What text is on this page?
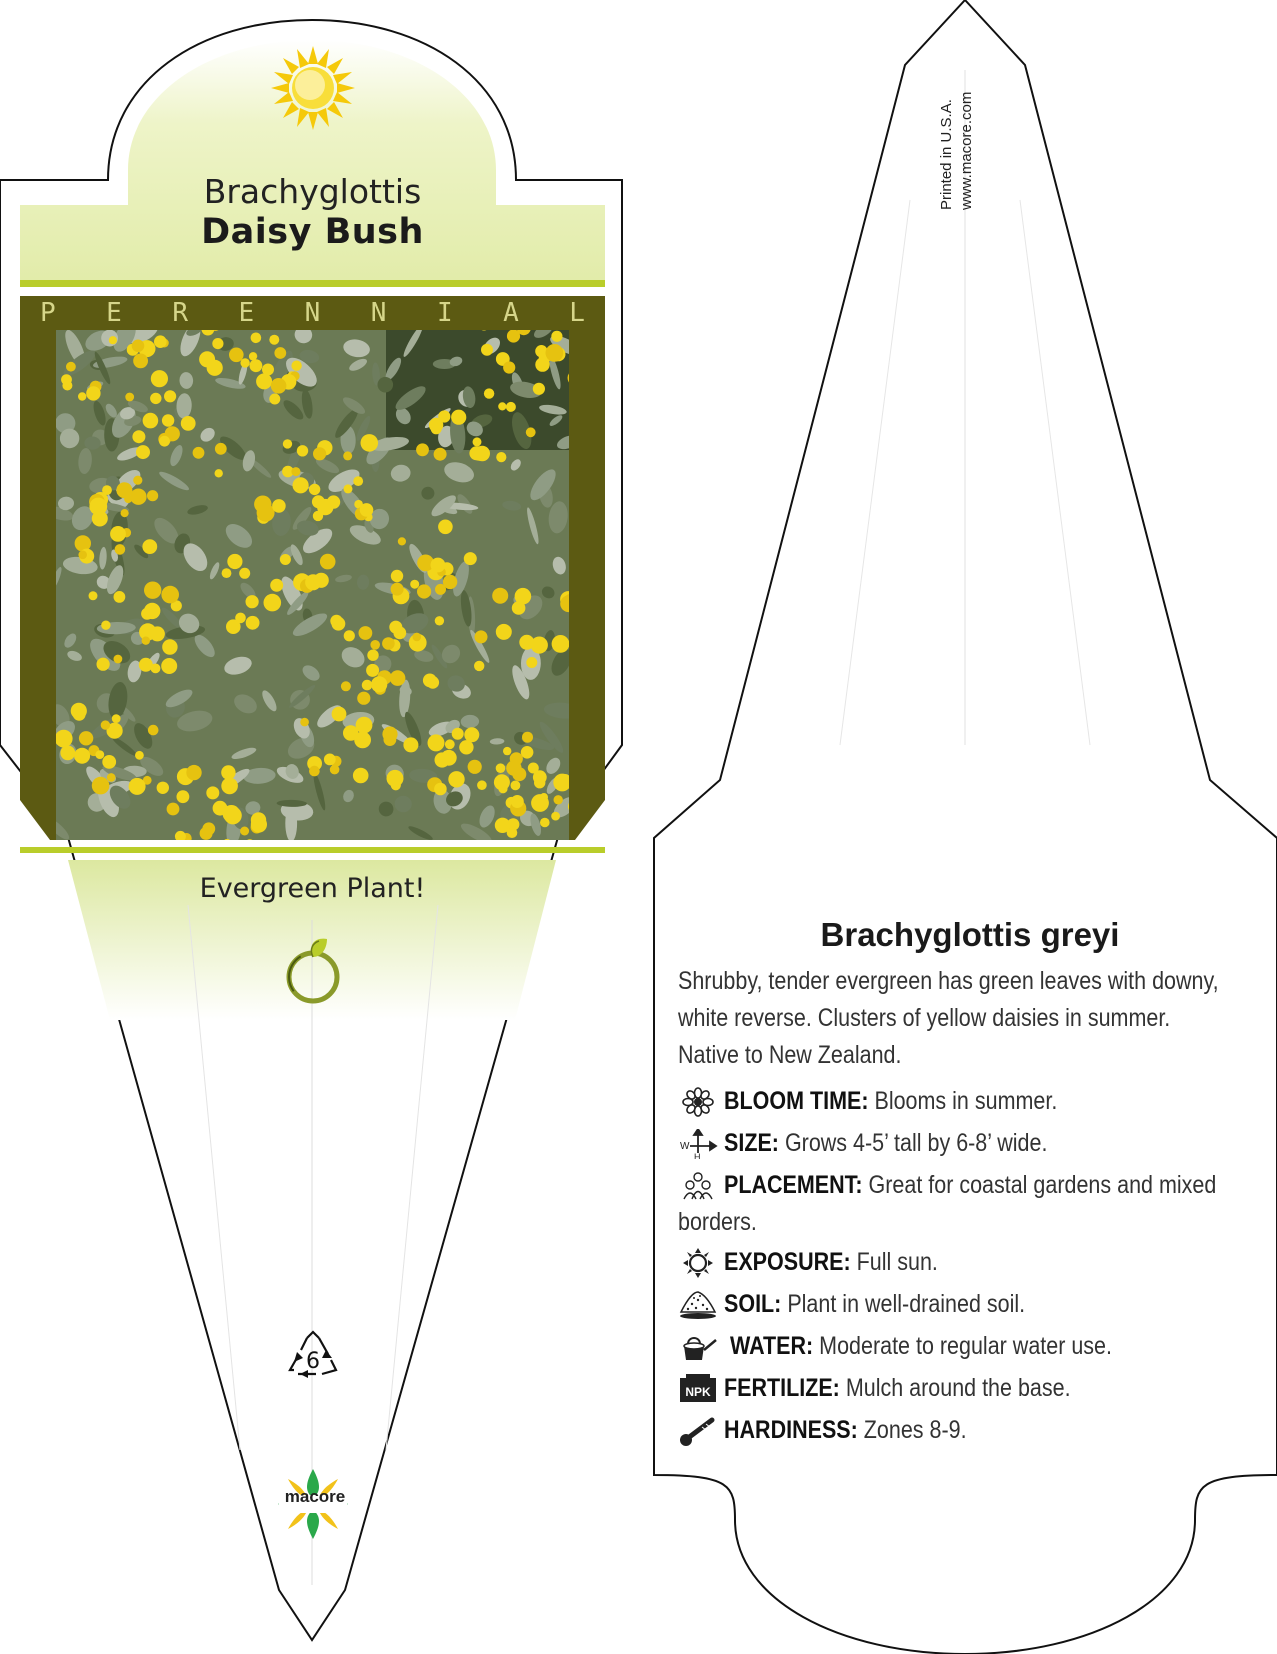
Brachyglottis
Daisy Bush
P E R E N N I A L
Evergreen Plant!
6
macore
Printed in U.S.A. www.macore.com
Brachyglottis greyi
Shrubby, tender evergreen has green leaves with downy, white reverse. Clusters of yellow daisies in summer. Native to New Zealand.
BLOOM TIME: Blooms in summer.
W
H SIZE: Grows 4-5’ tall by 6-8’ wide.
PLACEMENT: Great for coastal gardens and mixed
borders.
EXPOSURE: Full sun.
SOIL: Plant in well-drained soil.
WATER: Moderate to regular water use.
NPK FERTILIZE: Mulch around the base.
HARDINESS: Zones 8-9.
